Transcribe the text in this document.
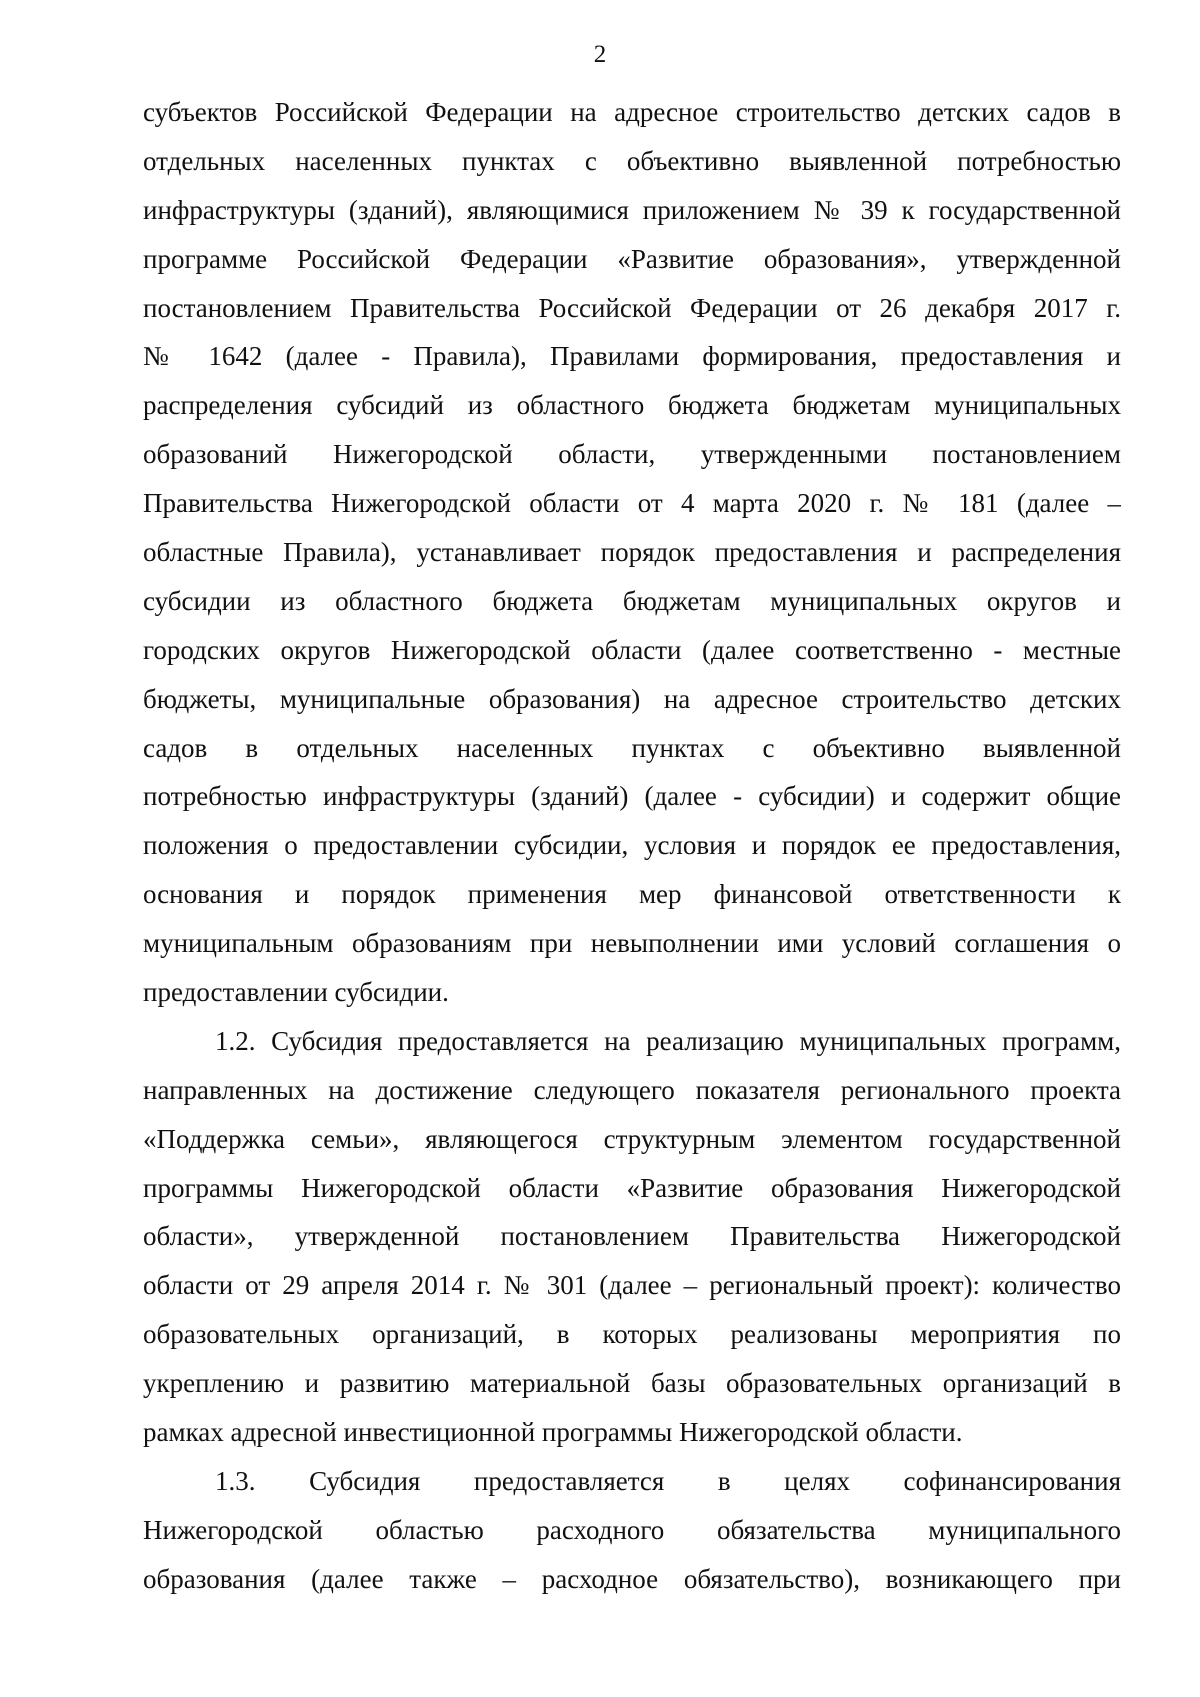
2
субъектов Российской Федерации на адресное строительство детских садов в
отдельных населенных пунктах с объективно выявленной потребностью
инфраструктуры (зданий), являющимися приложением № 39 к государственной
программе Российской Федерации «Развитие образования», утвержденной
постановлением Правительства Российской Федерации от 26 декабря 2017 г.
№ 1642 (далее - Правила), Правилами формирования, предоставления и
распределения субсидий из областного бюджета бюджетам муниципальных
образований Нижегородской области, утвержденными постановлением
Правительства Нижегородской области от 4 марта 2020 г. № 181 (далее –
областные Правила), устанавливает порядок предоставления и распределения
субсидии из областного бюджета бюджетам муниципальных округов и
городских округов Нижегородской области (далее соответственно - местные
бюджеты, муниципальные образования) на адресное строительство детских
садов в отдельных населенных пунктах с объективно выявленной
потребностью инфраструктуры (зданий) (далее - субсидии) и содержит общие
положения о предоставлении субсидии, условия и порядок ее предоставления,
основания и порядок применения мер финансовой ответственности к
муниципальным образованиям при невыполнении ими условий соглашения о
предоставлении субсидии.
1.2. Субсидия предоставляется на реализацию муниципальных программ,
направленных на достижение следующего показателя регионального проекта
«Поддержка семьи», являющегося структурным элементом государственной
программы Нижегородской области «Развитие образования Нижегородской
области», утвержденной постановлением Правительства Нижегородской
области от 29 апреля 2014 г. № 301 (далее – региональный проект): количество
образовательных организаций, в которых реализованы мероприятия по
укреплению и развитию материальной базы образовательных организаций в
рамках адресной инвестиционной программы Нижегородской области.
1.3. Субсидия предоставляется в целях софинансирования
Нижегородской областью расходного обязательства муниципального
образования (далее также – расходное обязательство), возникающего при
